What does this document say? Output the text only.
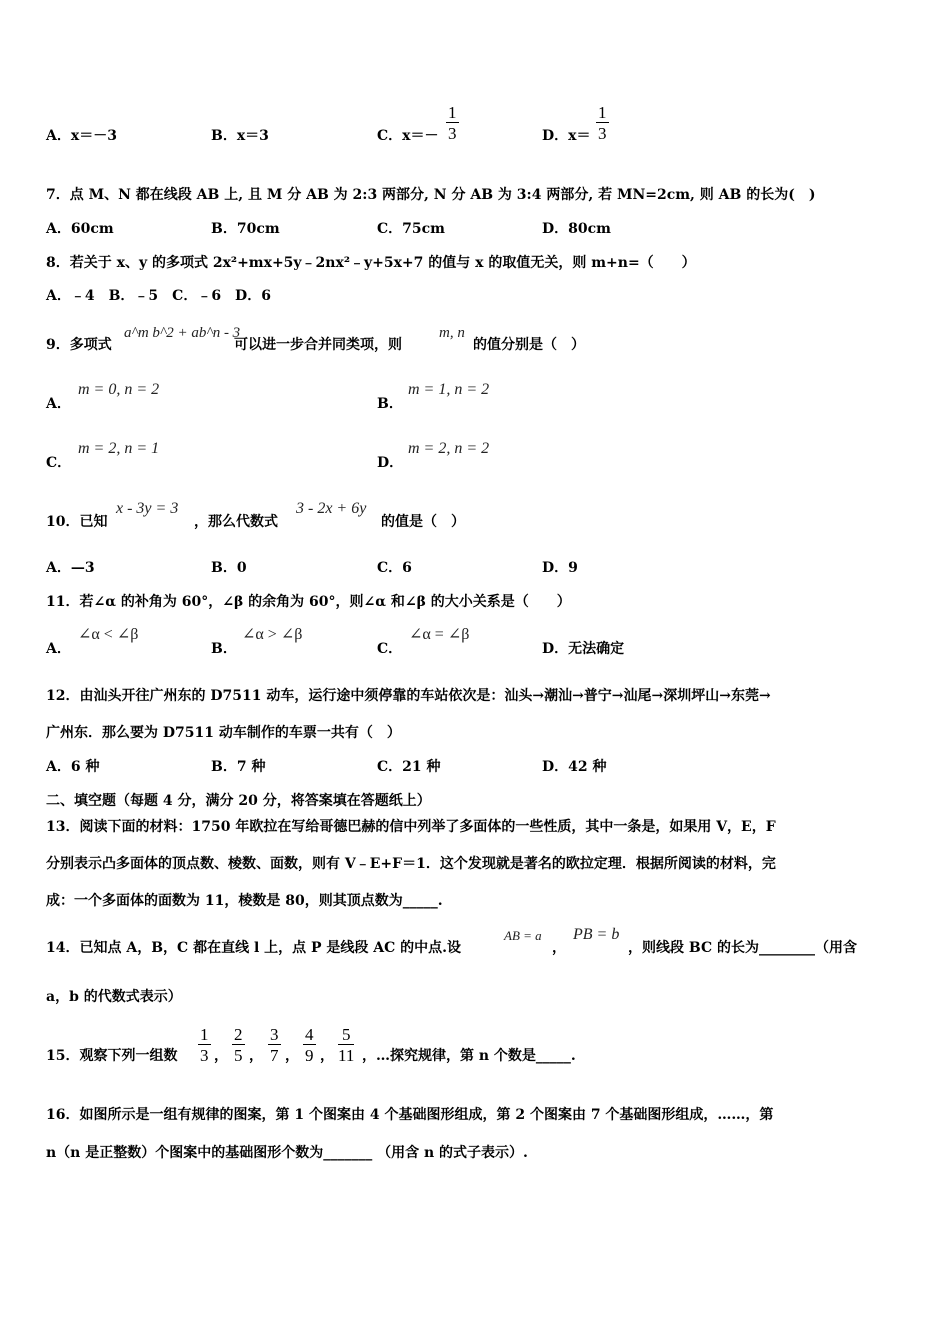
A．x＝－3	B．x＝3	C．$x=- \frac{1}{3}$	D．$x= \frac{1}{3}$
7．点 M、N 都在线段 AB 上, 且 M 分 AB 为 2:3 两部分, N 分 AB 为 3:4 两部分, 若 MN=2cm, 则 AB 的长为(　)
A．60cm	B．70cm	C．75cm	D．80cm
8．若关于 x、y 的多项式 2x²+mx+5y﹣2nx²﹣y+5x+7 的值与 x 的取值无关，则 m+n=（　　）
A．﹣4　B．﹣5　C．﹣6　D．6
9．多项式
a^m b^2 + ab^n - 3
可以进一步合并同类项，则
m, n
的值分别是（　）
A．
m = 0, n = 2
B．
m = 1, n = 2
C．
m = 2, n = 1
D．
m = 2, n = 2
10．已知
x - 3y = 3
，那么代数式
3 - 2x + 6y
的值是（　）
A．—3	B．0	C．6	D．9
11．若∠α 的补角为 60°，∠β 的余角为 60°，则∠α 和∠β 的大小关系是（　　）
A．
∠α < ∠β
B．
∠α > ∠β
C．
∠α = ∠β
D．无法确定
12．由汕头开往广州东的 D7511 动车，运行途中须停靠的车站依次是：汕头→潮汕→普宁→汕尾→深圳坪山→东莞→
广州东．那么要为 D7511 动车制作的车票一共有（　）
A．6 种	B．7 种	C．21 种	D．42 种
二、填空题（每题 4 分，满分 20 分，将答案填在答题纸上）
13．阅读下面的材料：1750 年欧拉在写给哥德巴赫的信中列举了多面体的一些性质，其中一条是，如果用 V，E，F
分别表示凸多面体的顶点数、棱数、面数，则有 V﹣E+F＝1．这个发现就是著名的欧拉定理．根据所阅读的材料，完
成：一个多面体的面数为 11，棱数是 80，则其顶点数为_____.
14．已知点 A，B，C 都在直线 l 上，点 P 是线段 AC 的中点.设
AB = a
，
PB = b
，则线段 BC 的长为________（用含
a，b 的代数式表示）
15．观察下列一组数 $\frac{1}{3}$ ， $\frac{2}{5}$ ， $\frac{3}{7}$ ， $\frac{4}{9}$ ， $\frac{5}{11}$ ，…探究规律，第 n 个数是_____.
16．如图所示是一组有规律的图案，第 1 个图案由 4 个基础图形组成，第 2 个图案由 7 个基础图形组成，……，第
n（n 是正整数）个图案中的基础图形个数为_______ （用含 n 的式子表示）.
